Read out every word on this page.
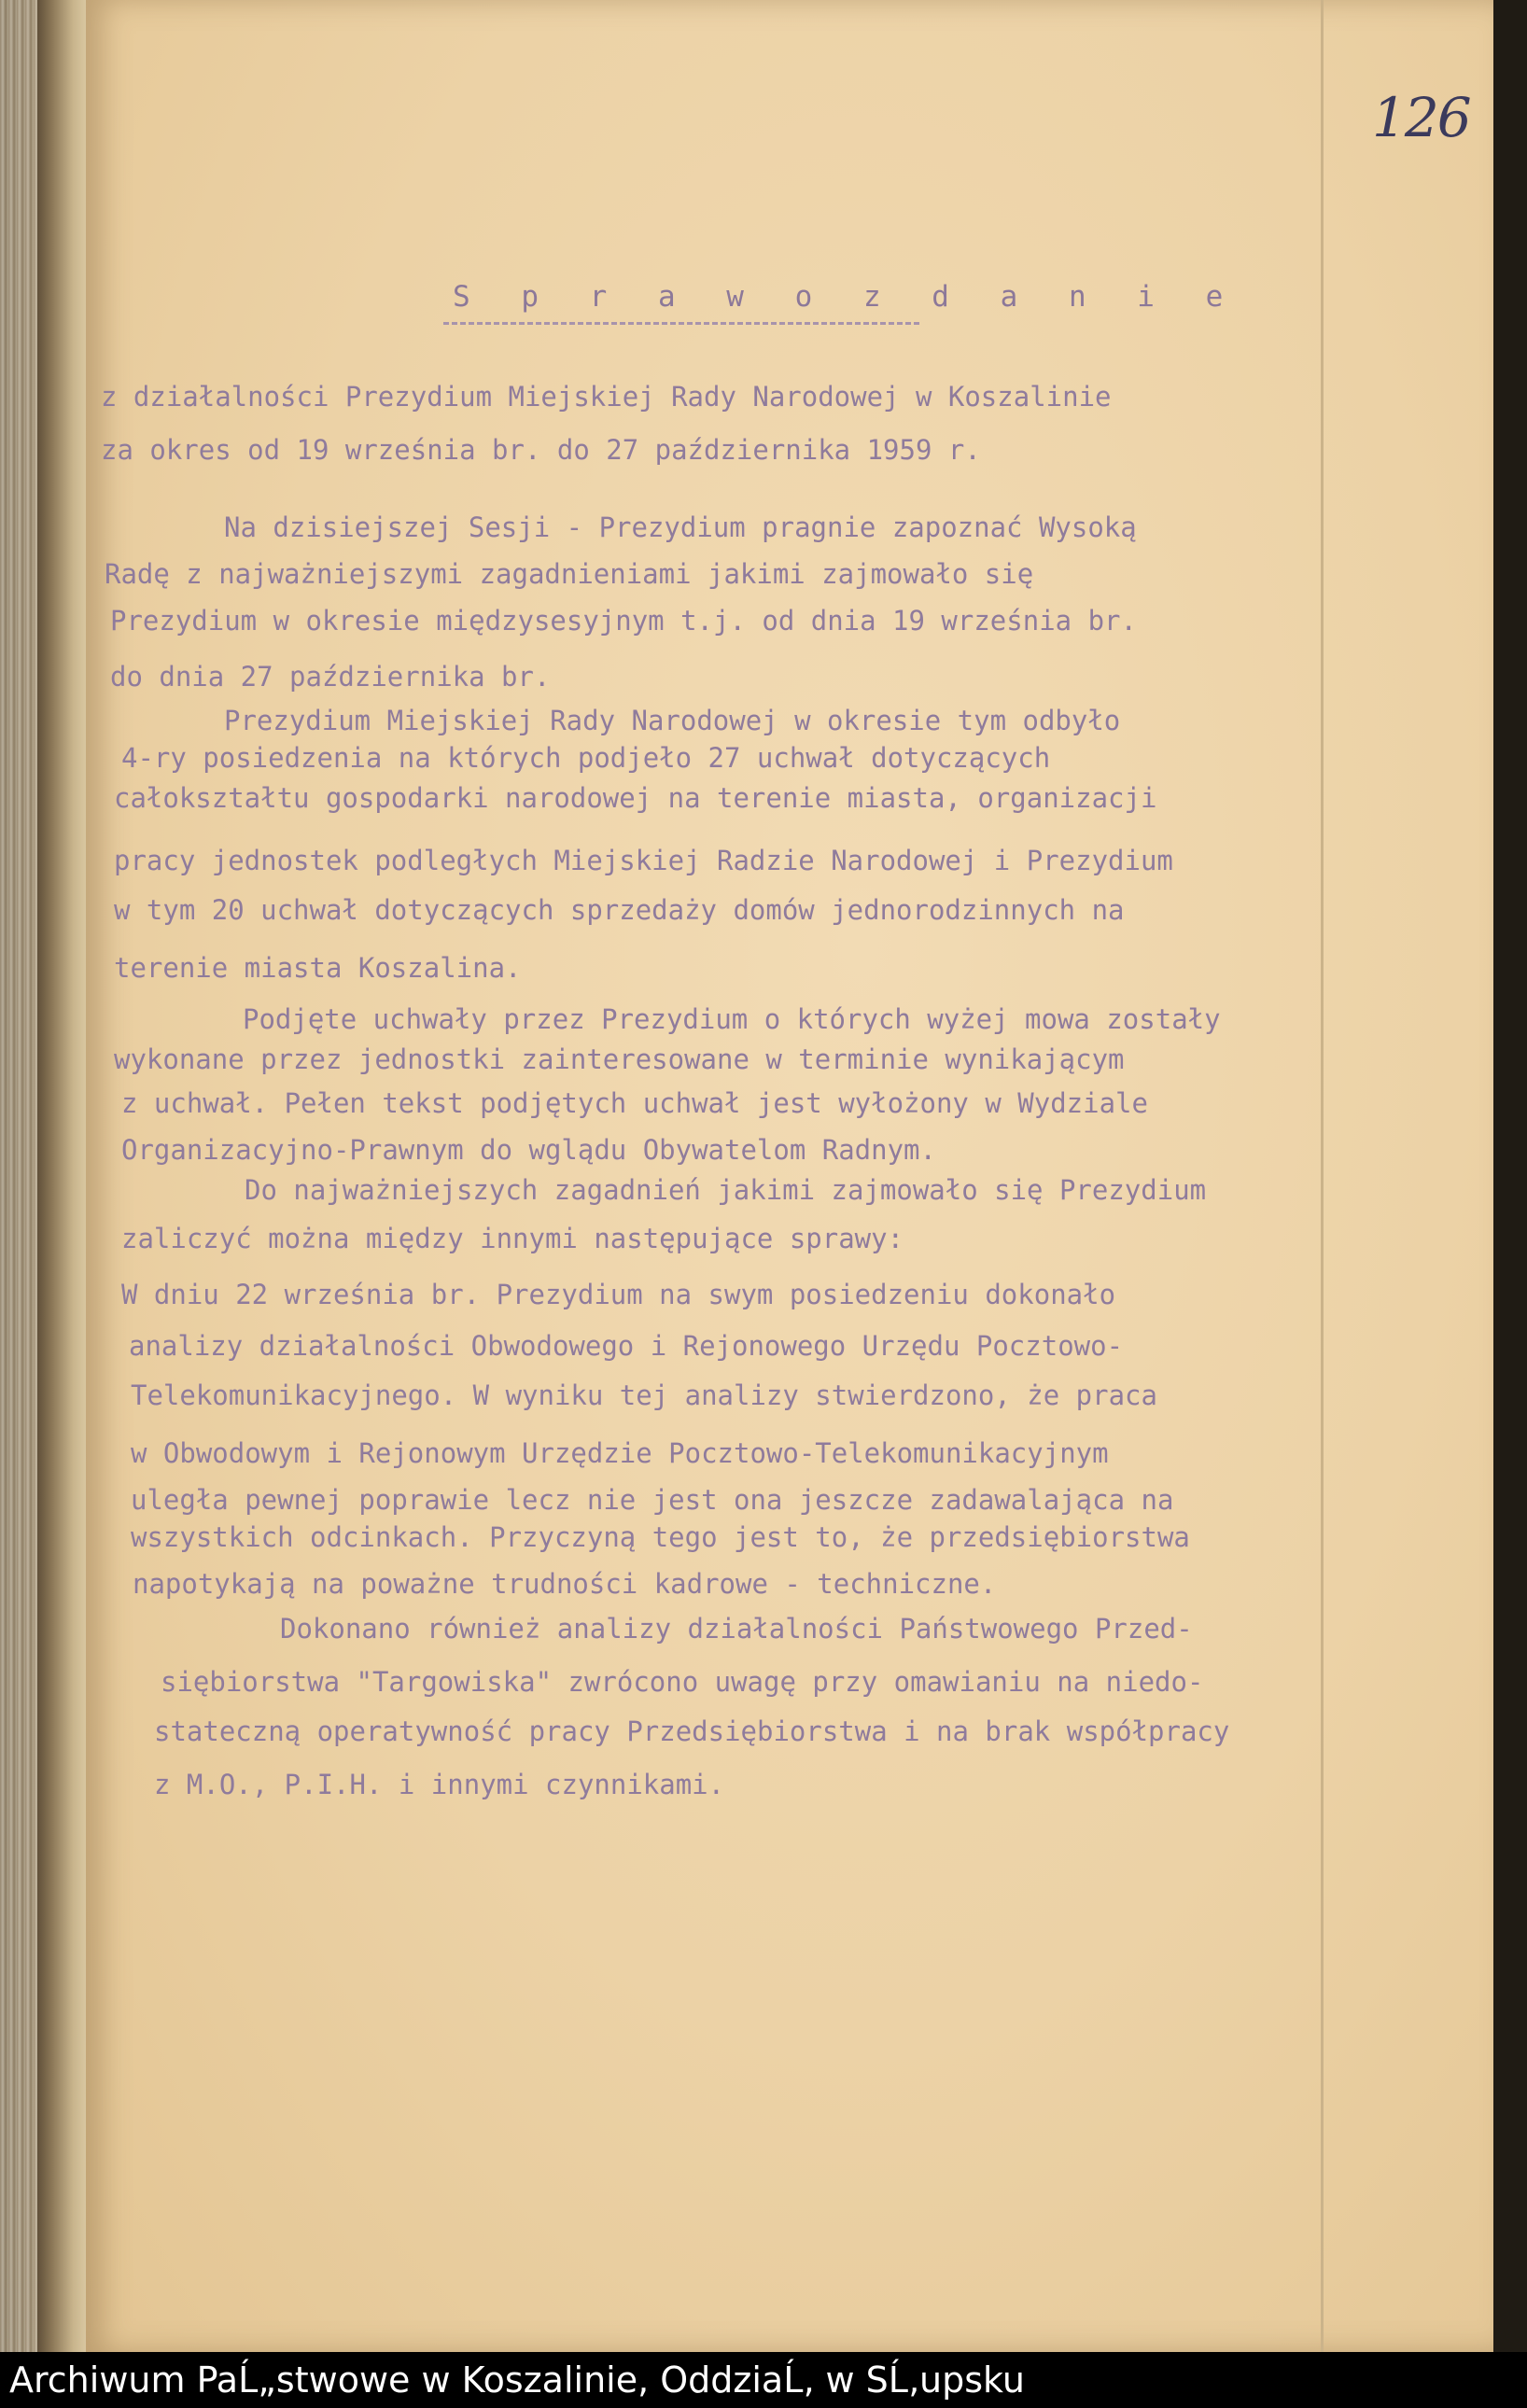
126
S p r a w o z d a n i e
z działalności Prezydium Miejskiej Rady Narodowej w Koszalinie
za okres od 19 września br. do 27 października 1959 r.
Na dzisiejszej Sesji - Prezydium pragnie zapoznać Wysoką
Radę z najważniejszymi zagadnieniami jakimi zajmowało się
Prezydium w okresie międzysesyjnym t.j. od dnia 19 września br.
do dnia 27 października br.
Prezydium Miejskiej Rady Narodowej w okresie tym odbyło
4-ry posiedzenia na których podjeło 27 uchwał dotyczących
całokształtu gospodarki narodowej na terenie miasta, organizacji
pracy jednostek podległych Miejskiej Radzie Narodowej i Prezydium
w tym 20 uchwał dotyczących sprzedaży domów jednorodzinnych na
terenie miasta Koszalina.
Podjęte uchwały przez Prezydium o których wyżej mowa zostały
wykonane przez jednostki zainteresowane w terminie wynikającym
z uchwał. Pełen tekst podjętych uchwał jest wyłożony w Wydziale
Organizacyjno-Prawnym do wglądu Obywatelom Radnym.
Do najważniejszych zagadnień jakimi zajmowało się Prezydium
zaliczyć można między innymi następujące sprawy:
W dniu 22 września br. Prezydium na swym posiedzeniu dokonało
analizy działalności Obwodowego i Rejonowego Urzędu Pocztowo-
Telekomunikacyjnego. W wyniku tej analizy stwierdzono, że praca
w Obwodowym i Rejonowym Urzędzie Pocztowo-Telekomunikacyjnym
uległa pewnej poprawie lecz nie jest ona jeszcze zadawalająca na
wszystkich odcinkach. Przyczyną tego jest to, że przedsiębiorstwa
napotykają na poważne trudności kadrowe - techniczne.
Dokonano również analizy działalności Państwowego Przed-
siębiorstwa "Targowiska" zwrócono uwagę przy omawianiu na niedo-
stateczną operatywność pracy Przedsiębiorstwa i na brak współpracy
z M.O., P.I.H. i innymi czynnikami.
Archiwum PaĹ„stwowe w Koszalinie, OddziaĹ‚ w SĹ‚upsku
